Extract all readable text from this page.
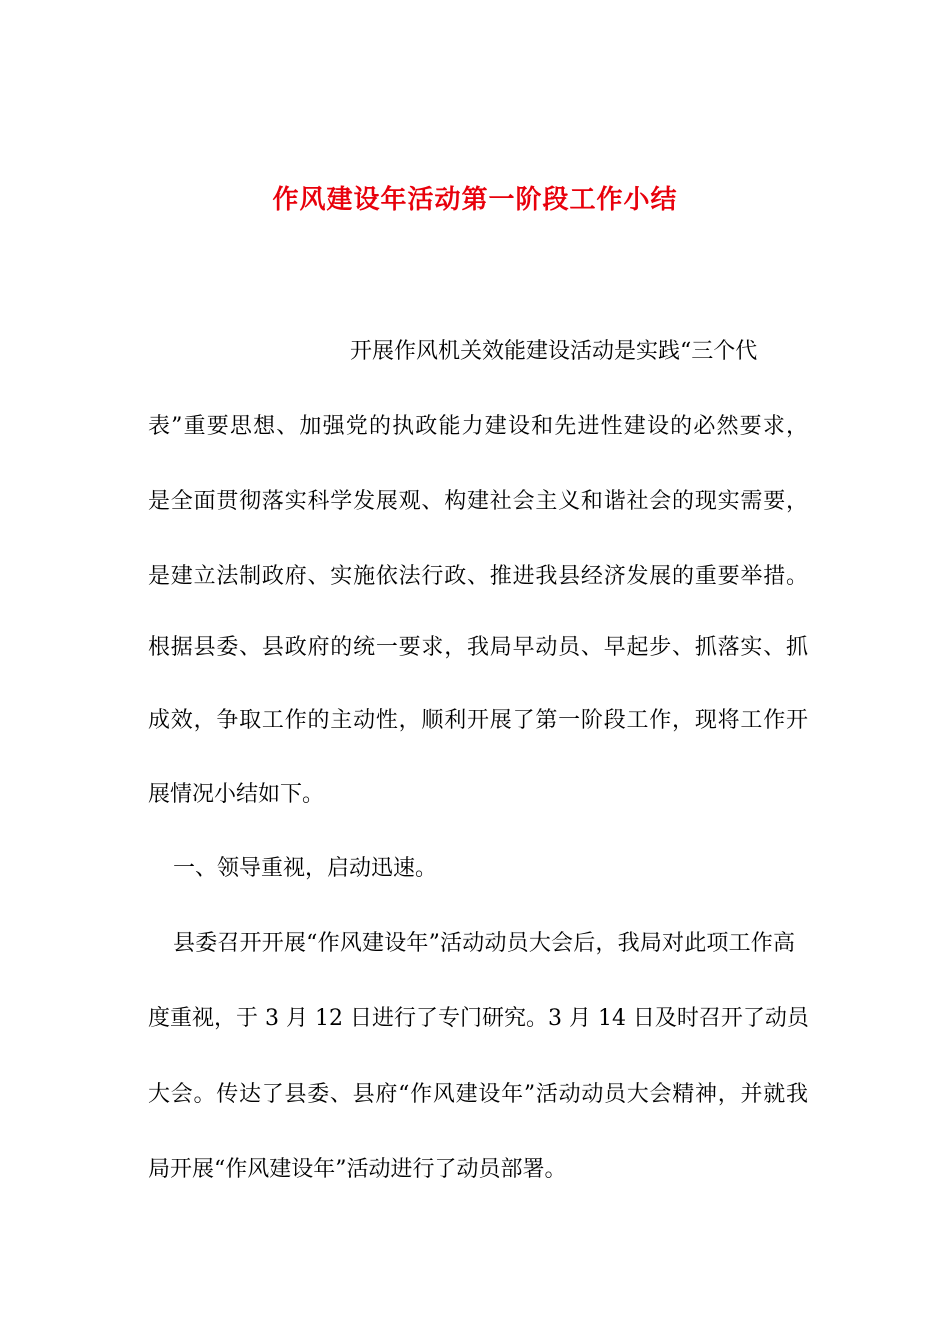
作风建设年活动第一阶段工作小结
开展作风机关效能建设活动是实践“三个代
表”重要思想、加强党的执政能力建设和先进性建设的必然要求，
是全面贯彻落实科学发展观、构建社会主义和谐社会的现实需要，
是建立法制政府、实施依法行政、推进我县经济发展的重要举措。
根据县委、县政府的统一要求，我局早动员、早起步、抓落实、抓
成效，争取工作的主动性，顺利开展了第一阶段工作，现将工作开
展情况小结如下。
一、领导重视，启动迅速。
县委召开开展“作风建设年”活动动员大会后，我局对此项工作高
度重视，于 3 月 12 日进行了专门研究。3 月 14 日及时召开了动员
大会。传达了县委、县府“作风建设年”活动动员大会精神，并就我
局开展“作风建设年”活动进行了动员部署。
